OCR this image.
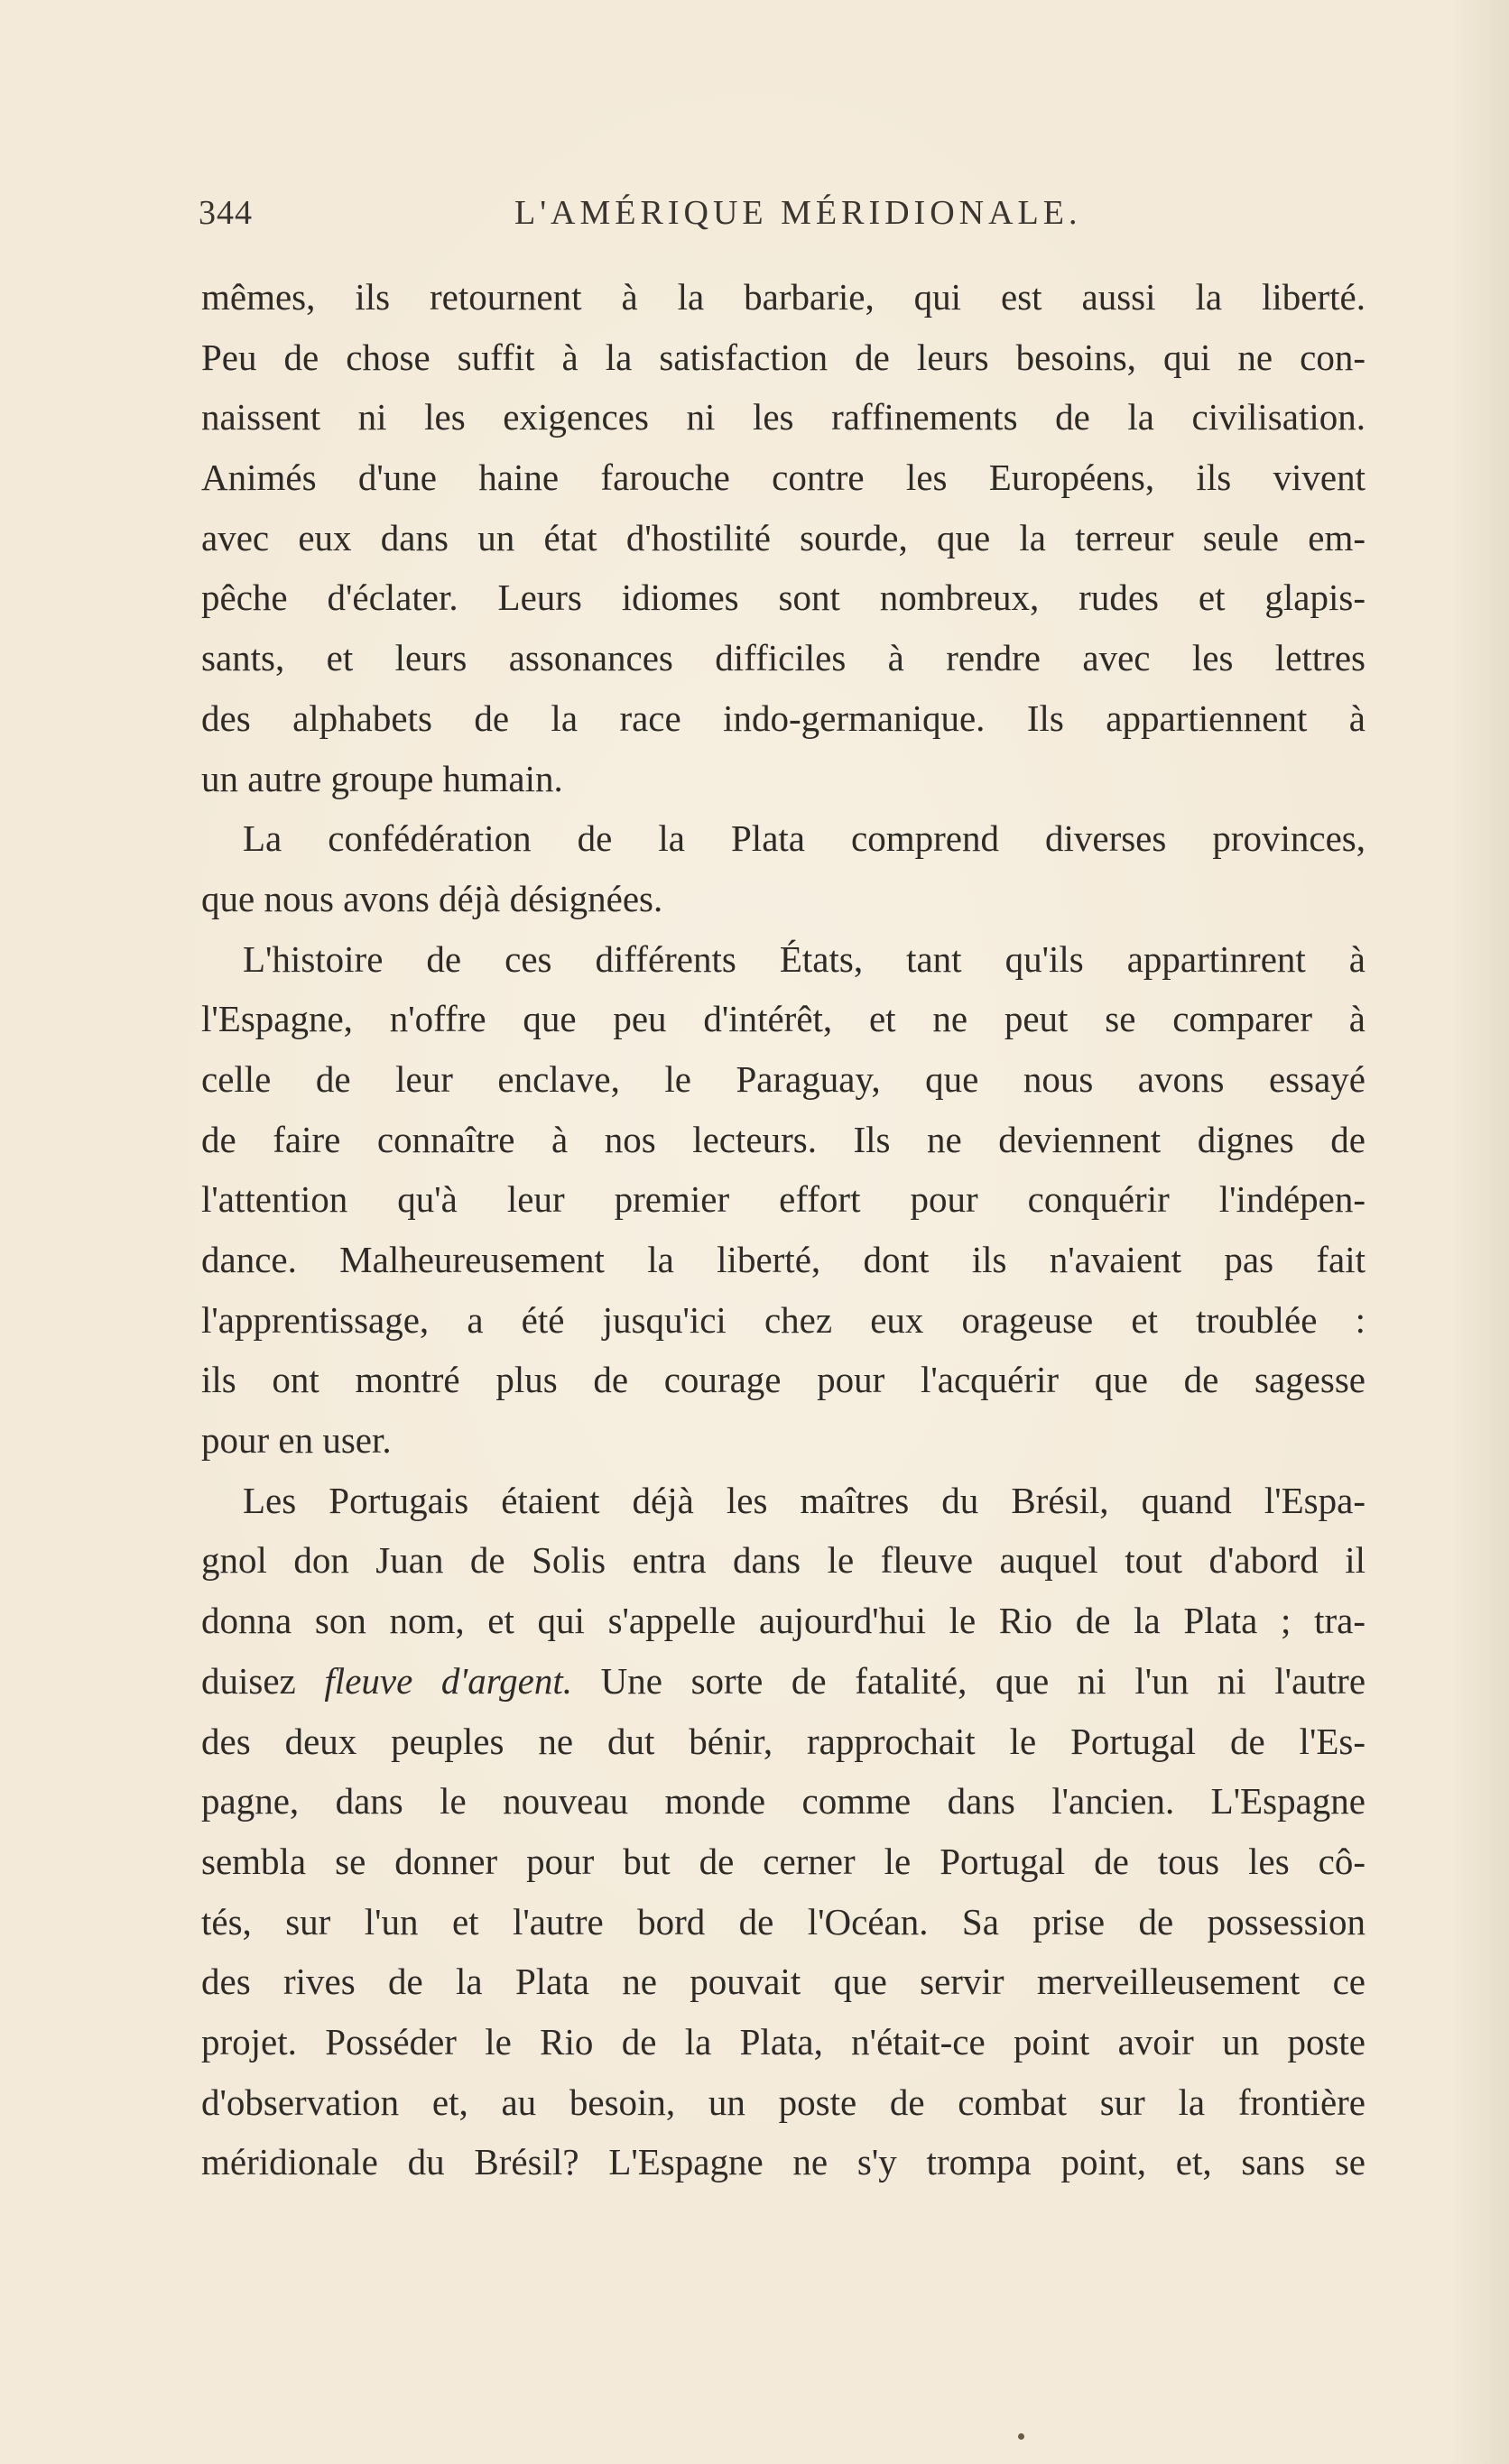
344	L'AMÉRIQUE MÉRIDIONALE.
mêmes, ils retournent à la barbarie, qui est aussi la liberté.
Peu de chose suffit à la satisfaction de leurs besoins, qui ne con-
naissent ni les exigences ni les raffinements de la civilisation.
Animés d'une haine farouche contre les Européens, ils vivent
avec eux dans un état d'hostilité sourde, que la terreur seule em-
pêche d'éclater. Leurs idiomes sont nombreux, rudes et glapis-
sants, et leurs assonances difficiles à rendre avec les lettres
des alphabets de la race indo-germanique. Ils appartiennent à
un autre groupe humain.
La confédération de la Plata comprend diverses provinces,
que nous avons déjà désignées.
L'histoire de ces différents États, tant qu'ils appartinrent à
l'Espagne, n'offre que peu d'intérêt, et ne peut se comparer à
celle de leur enclave, le Paraguay, que nous avons essayé
de faire connaître à nos lecteurs. Ils ne deviennent dignes de
l'attention qu'à leur premier effort pour conquérir l'indépen-
dance. Malheureusement la liberté, dont ils n'avaient pas fait
l'apprentissage, a été jusqu'ici chez eux orageuse et troublée :
ils ont montré plus de courage pour l'acquérir que de sagesse
pour en user.
Les Portugais étaient déjà les maîtres du Brésil, quand l'Espa-
gnol don Juan de Solis entra dans le fleuve auquel tout d'abord il
donna son nom, et qui s'appelle aujourd'hui le Rio de la Plata ; tra-
duisez fleuve d'argent. Une sorte de fatalité, que ni l'un ni l'autre
des deux peuples ne dut bénir, rapprochait le Portugal de l'Es-
pagne, dans le nouveau monde comme dans l'ancien. L'Espagne
sembla se donner pour but de cerner le Portugal de tous les cô-
tés, sur l'un et l'autre bord de l'Océan. Sa prise de possession
des rives de la Plata ne pouvait que servir merveilleusement ce
projet. Posséder le Rio de la Plata, n'était-ce point avoir un poste
d'observation et, au besoin, un poste de combat sur la frontière
méridionale du Brésil? L'Espagne ne s'y trompa point, et, sans se
